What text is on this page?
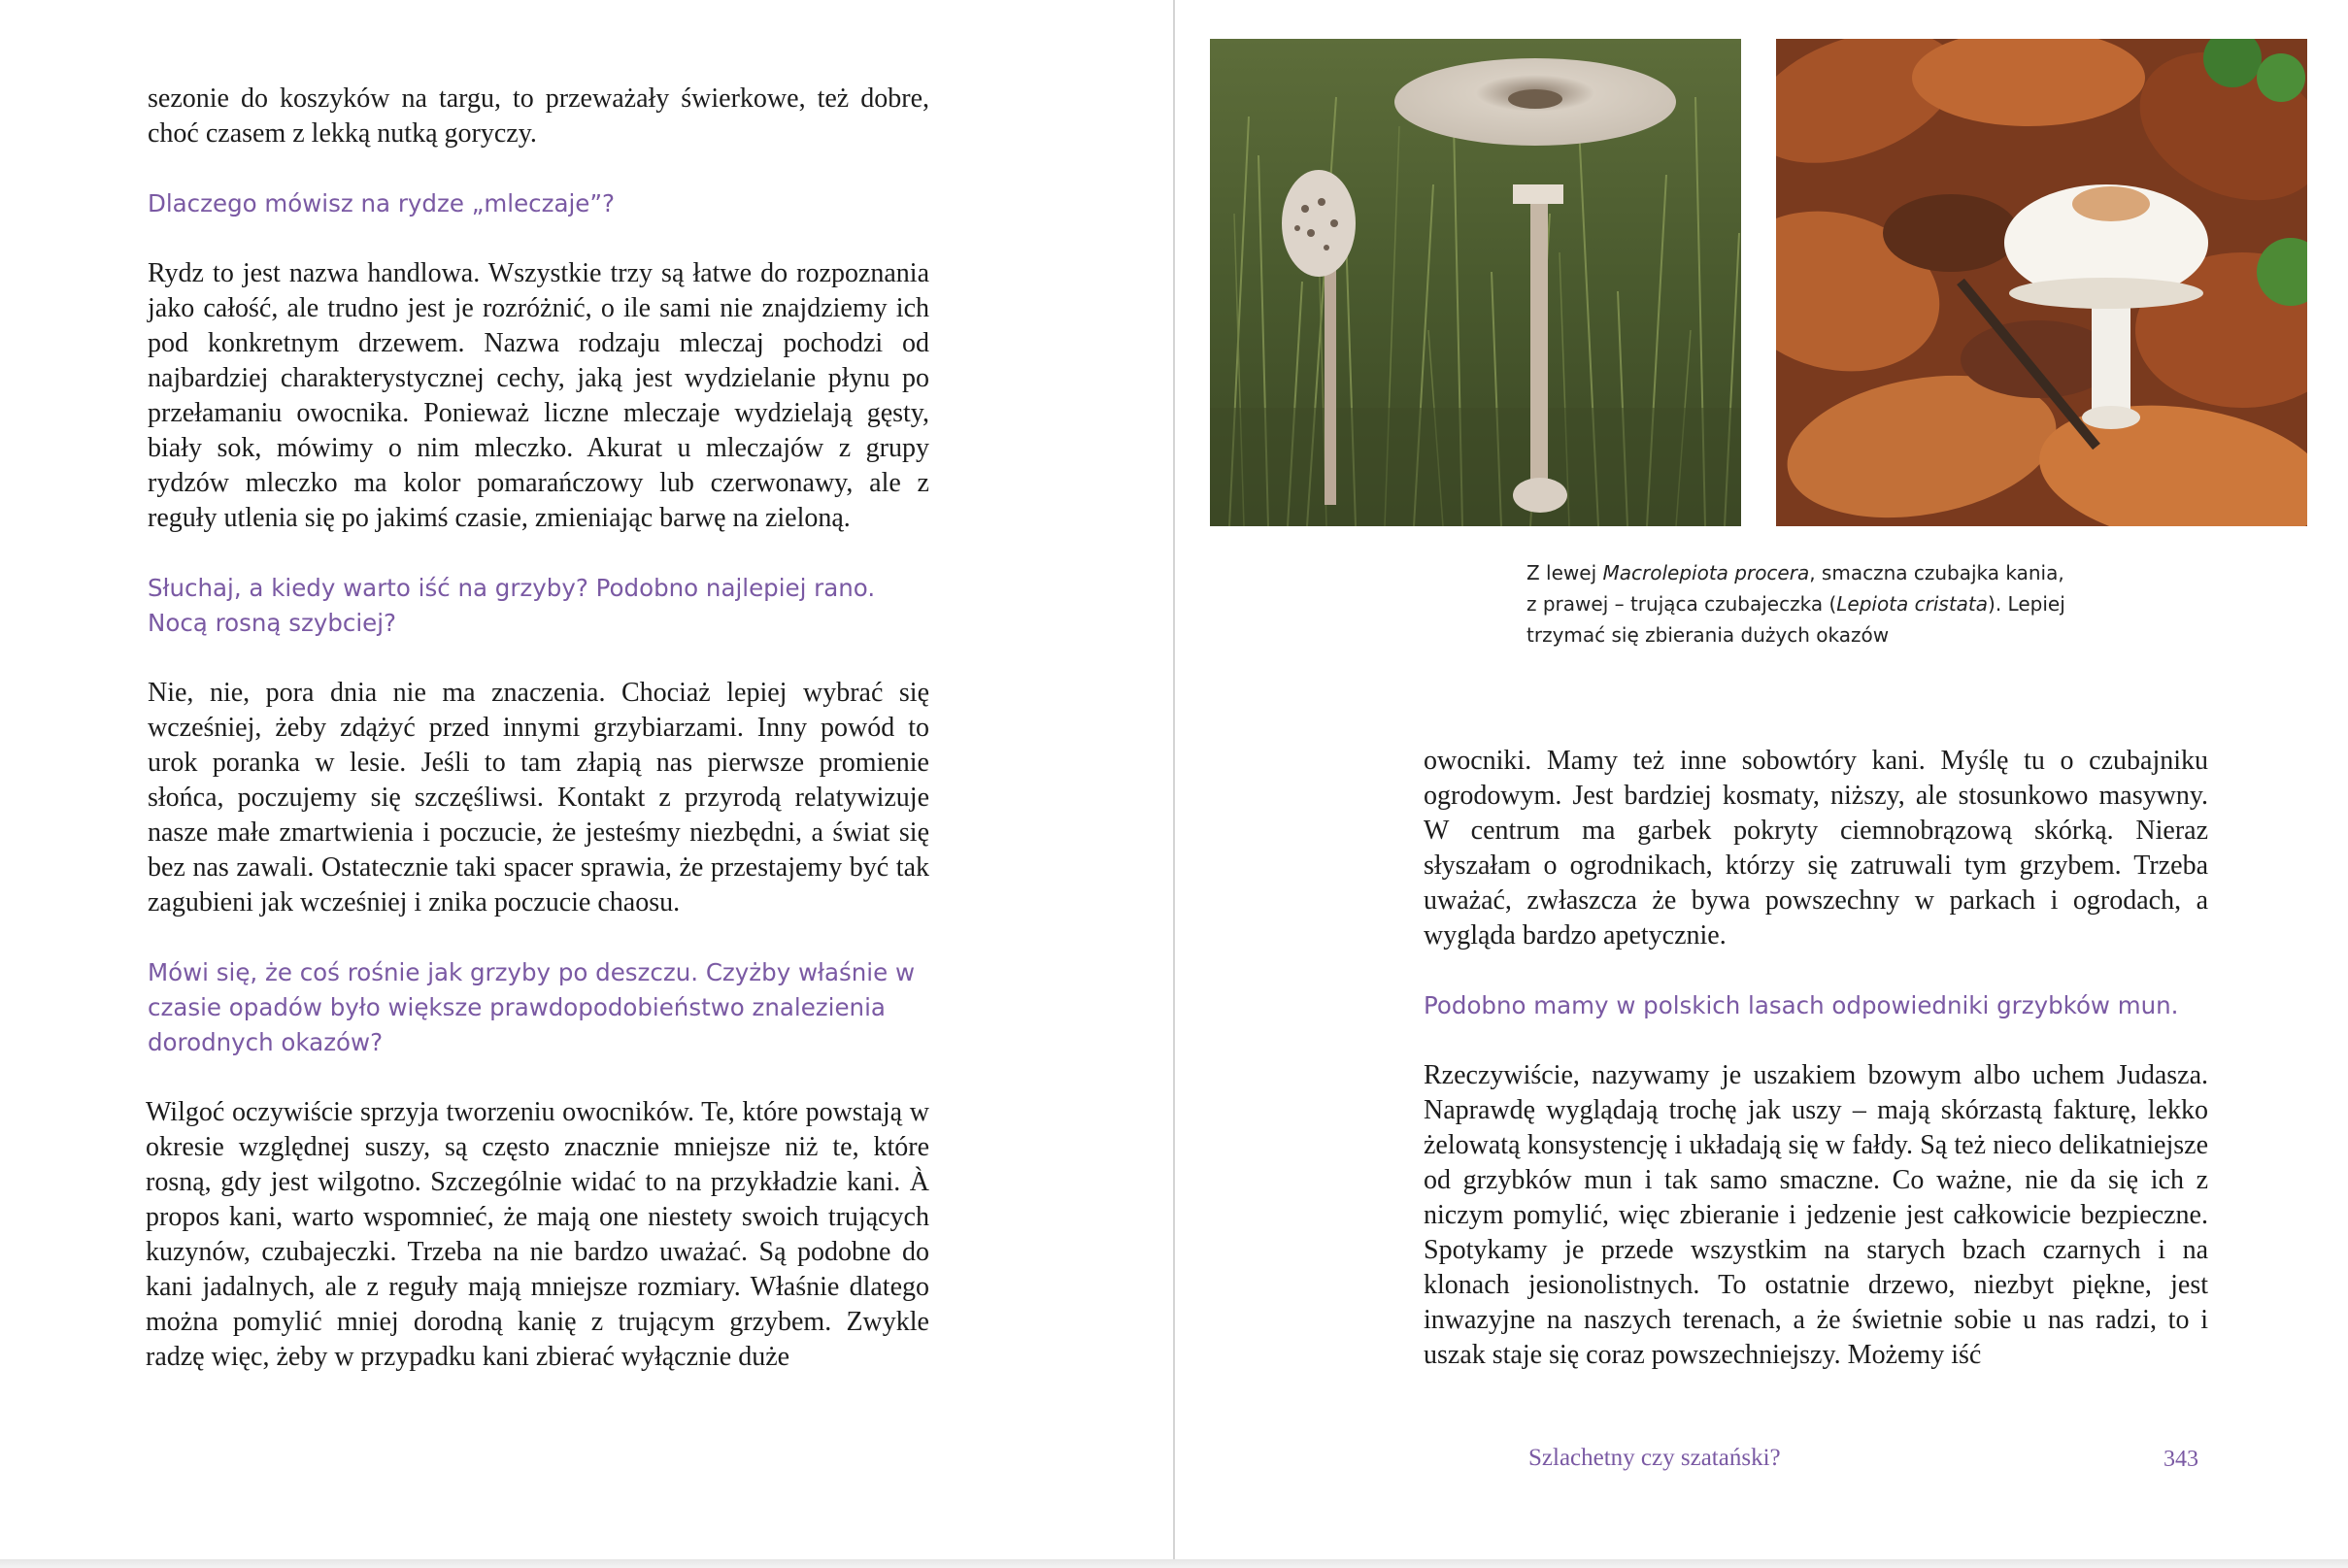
sezonie do koszyków na targu, to przeważały świerkowe, też dobre, choć czasem z lekką nutką goryczy.

Dlaczego mówisz na rydze „mleczaje”?

Rydz to jest nazwa handlowa. Wszystkie trzy są łatwe do rozpoznania jako całość, ale trudno jest je rozróżnić, o ile sami nie znajdziemy ich pod konkretnym drzewem. Nazwa rodzaju mleczaj pochodzi od najbardziej charakterystycznej cechy, jaką jest wydzielanie płynu po przełamaniu owocnika. Ponieważ liczne mleczaje wydzielają gęsty, biały sok, mówimy o nim mleczko. Akurat u mleczajów z grupy rydzów mleczko ma kolor pomarańczowy lub czerwonawy, ale z reguły utlenia się po jakimś czasie, zmieniając barwę na zieloną.

Słuchaj, a kiedy warto iść na grzyby? Podobno najlepiej rano. Nocą rosną szybciej?

Nie, nie, pora dnia nie ma znaczenia. Chociaż lepiej wybrać się wcześniej, żeby zdążyć przed innymi grzybiarzami. Inny powód to urok poranka w lesie. Jeśli to tam złapią nas pierwsze promienie słońca, poczujemy się szczęśliwsi. Kontakt z przyrodą relatywizuje nasze małe zmartwienia i poczucie, że jesteśmy niezbędni, a świat się bez nas zawali. Ostatecznie taki spacer sprawia, że przestajemy być tak zagubieni jak wcześniej i znika poczucie chaosu.

Mówi się, że coś rośnie jak grzyby po deszczu. Czyżby właśnie w czasie opadów było większe prawdopodobieństwo znalezienia dorodnych okazów?

Wilgoć oczywiście sprzyja tworzeniu owocników. Te, które powstają w okresie względnej suszy, są często znacznie mniejsze niż te, które rosną, gdy jest wilgotno. Szczególnie widać to na przykładzie kani. À propos kani, warto wspomnieć, że mają one niestety swoich trujących kuzynów, czubajeczki. Trzeba na nie bardzo uważać. Są podobne do kani jadalnych, ale z reguły mają mniejsze rozmiary. Właśnie dlatego można pomylić mniej dorodną kanię z trującym grzybem. Zwykle radzę więc, żeby w przypadku kani zbierać wyłącznie duże

Z lewej Macrolepiota procera, smaczna czubajka kania,
z prawej – trująca czubajeczka (Lepiota cristata). Lepiej
trzymać się zbierania dużych okazów

owocniki. Mamy też inne sobowtóry kani. Myślę tu o czubajniku ogrodowym. Jest bardziej kosmaty, niższy, ale stosunkowo masywny. W centrum ma garbek pokryty ciemnobrązową skórką. Nieraz słyszałam o ogrodnikach, którzy się zatruwali tym grzybem. Trzeba uważać, zwłaszcza że bywa powszechny w parkach i ogrodach, a wygląda bardzo apetycznie.

Podobno mamy w polskich lasach odpowiedniki grzybków mun.

Rzeczywiście, nazywamy je uszakiem bzowym albo uchem Judasza. Naprawdę wyglądają trochę jak uszy – mają skórzastą fakturę, lekko żelowatą konsystencję i układają się w fałdy. Są też nieco delikatniejsze od grzybków mun i tak samo smaczne. Co ważne, nie da się ich z niczym pomylić, więc zbieranie i jedzenie jest całkowicie bezpieczne. Spotykamy je przede wszystkim na starych bzach czarnych i na klonach jesionolistnych. To ostatnie drzewo, niezbyt piękne, jest inwazyjne na naszych terenach, a że świetnie sobie u nas radzi, to i uszak staje się coraz powszechniejszy. Możemy iść

Szlachetny czy szatański?	343
